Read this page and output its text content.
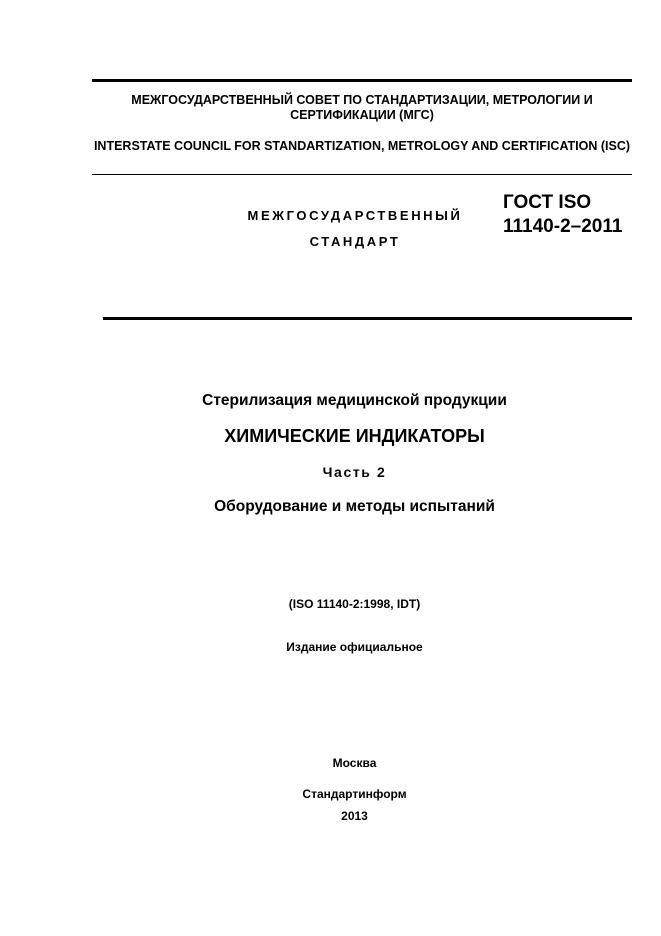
МЕЖГОСУДАРСТВЕННЫЙ СОВЕТ ПО СТАНДАРТИЗАЦИИ, МЕТРОЛОГИИ И СЕРТИФИКАЦИИ (МГС)
INTERSTATE COUNCIL FOR STANDARTIZATION, METROLOGY AND CERTIFICATION (ISC)
МЕЖГОСУДАРСТВЕННЫЙ
СТАНДАРТ
ГОСТ ISO 11140-2–2011
Стерилизация медицинской продукции
ХИМИЧЕСКИЕ ИНДИКАТОРЫ
Часть 2
Оборудование и методы испытаний
(ISO 11140-2:1998, IDT)
Издание официальное
Москва
Стандартинформ
2013
